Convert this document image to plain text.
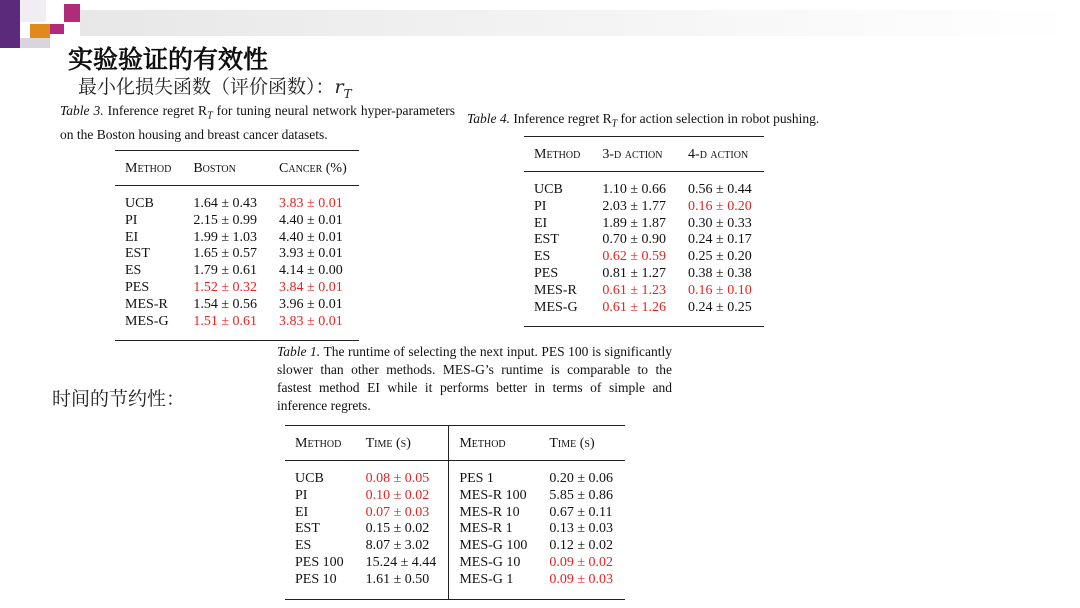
实验验证的有效性
最小化损失函数（评价函数）：$r_T$
Table 3. Inference regret $R_T$ for tuning neural network hyper-parameters on the Boston housing and breast cancer datasets.
Method	Boston	Cancer (%)
UCB	1.64 ± 0.43	3.83 ± 0.01
PI	2.15 ± 0.99	4.40 ± 0.01
EI	1.99 ± 1.03	4.40 ± 0.01
EST	1.65 ± 0.57	3.93 ± 0.01
ES	1.79 ± 0.61	4.14 ± 0.00
PES	1.52 ± 0.32	3.84 ± 0.01
MES-R	1.54 ± 0.56	3.96 ± 0.01
MES-G	1.51 ± 0.61	3.83 ± 0.01
Table 4. Inference regret $R_T$ for action selection in robot pushing.
Method	3-d action	4-d action
UCB	1.10 ± 0.66	0.56 ± 0.44
PI	2.03 ± 1.77	0.16 ± 0.20
EI	1.89 ± 1.87	0.30 ± 0.33
EST	0.70 ± 0.90	0.24 ± 0.17
ES	0.62 ± 0.59	0.25 ± 0.20
PES	0.81 ± 1.27	0.38 ± 0.38
MES-R	0.61 ± 1.23	0.16 ± 0.10
MES-G	0.61 ± 1.26	0.24 ± 0.25
时间的节约性：
Table 1. The runtime of selecting the next input. PES 100 is significantly slower than other methods. MES-G’s runtime is comparable to the fastest method EI while it performs better in terms of simple and inference regrets.
Method	Time (s)	Method	Time (s)
UCB	0.08 ± 0.05	PES 1	0.20 ± 0.06
PI	0.10 ± 0.02	MES-R 100	5.85 ± 0.86
EI	0.07 ± 0.03	MES-R 10	0.67 ± 0.11
EST	0.15 ± 0.02	MES-R 1	0.13 ± 0.03
ES	8.07 ± 3.02	MES-G 100	0.12 ± 0.02
PES 100	15.24 ± 4.44	MES-G 10	0.09 ± 0.02
PES 10	1.61 ± 0.50	MES-G 1	0.09 ± 0.03
